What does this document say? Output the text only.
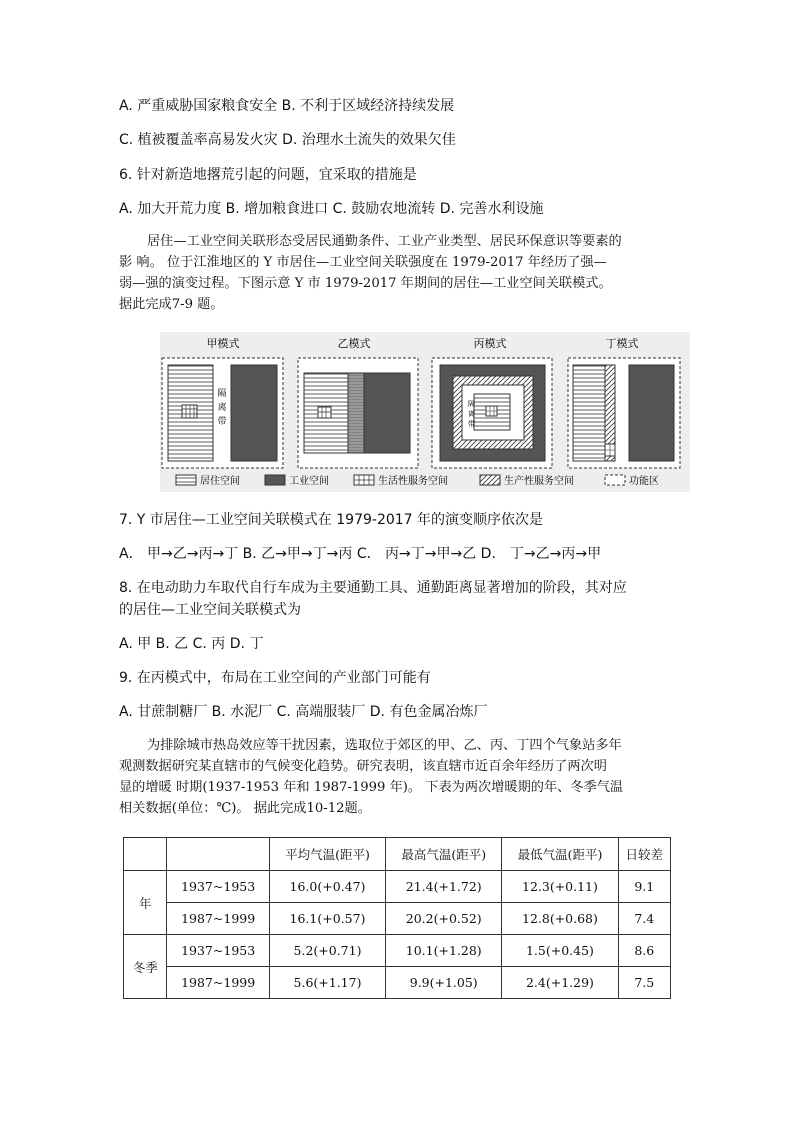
A. 严重威胁国家粮食安全 B. 不利于区域经济持续发展
C. 植被覆盖率高易发火灾 D. 治理水土流失的效果欠佳
6. 针对新造地撂荒引起的问题，宜采取的措施是
A. 加大开荒力度 B. 增加粮食进口 C. 鼓励农地流转 D. 完善水利设施
居住—工业空间关联形态受居民通勤条件、工业产业类型、居民环保意识等要素的
影 响。 位于江淮地区的 Y 市居住—工业空间关联强度在 1979-2017 年经历了强—
弱—强的演变过程。下图示意 Y 市 1979-2017 年期间的居住—工业空间关联模式。
据此完成7-9 题。
甲模式	乙模式	丙模式	丁模式
隔
离
带
隔
离
带
居住空间	工业空间	生活性服务空间	生产性服务空间	功能区
7. Y 市居住—工业空间关联模式在 1979-2017 年的演变顺序依次是
A． 甲→乙→丙→丁 B. 乙→甲→丁→丙 C． 丙→丁→甲→乙 D． 丁→乙→丙→甲
8. 在电动助力车取代自行车成为主要通勤工具、通勤距离显著增加的阶段，其对应
的居住—工业空间关联模式为
A. 甲 B. 乙 C. 丙 D. 丁
9. 在丙模式中，布局在工业空间的产业部门可能有
A. 甘蔗制糖厂 B. 水泥厂 C. 高端服装厂 D. 有色金属冶炼厂
为排除城市热岛效应等干扰因素，选取位于郊区的甲、乙、丙、丁四个气象站多年
观测数据研究某直辖市的气候变化趋势。研究表明，该直辖市近百余年经历了两次明
显的增暖 时期(1937-1953 年和 1987-1999 年)。 下表为两次增暖期的年、冬季气温
相关数据(单位：℃)。 据此完成10-12题。
		平均气温(距平)	最高气温(距平)	最低气温(距平)	日较差
年	1937~1953	16.0(+0.47)	21.4(+1.72)	12.3(+0.11)	9.1
	1987~1999	16.1(+0.57)	20.2(+0.52)	12.8(+0.68)	7.4
冬季	1937~1953	5.2(+0.71)	10.1(+1.28)	1.5(+0.45)	8.6
	1987~1999	5.6(+1.17)	9.9(+1.05)	2.4(+1.29)	7.5
